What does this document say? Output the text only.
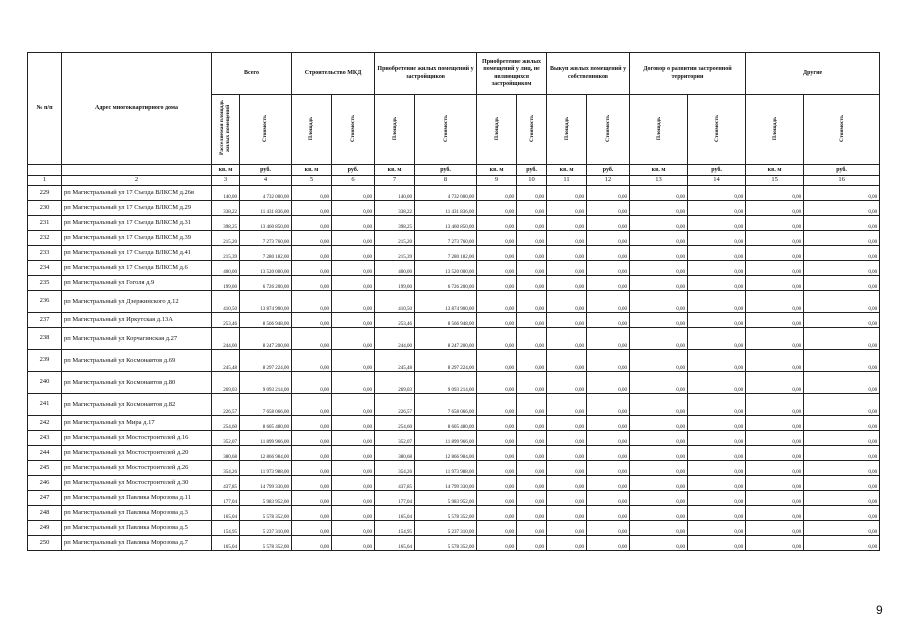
№ п/п	Адрес многоквартирного дома	Всего		Строительство МКД		Приобретение жилых помещений у застройщиков		Приобретение жилых помещений у лиц, не являющихся застройщиком		Выкуп жилых помещений у собственников		Договор о развитии застроенной территории		Другие	
		Расселяемая площадь жилых помещений	Стоимость	Площадь	Стоимость	Площадь	Стоимость	Площадь	Стоимость	Площадь	Стоимость	Площадь	Стоимость	Площадь	Стоимость
		кв. м	руб.	кв. м	руб.	кв. м	руб.	кв. м	руб.	кв. м	руб.	кв. м	руб.	кв. м	руб.
1	2	3	4	5	6	7	8	9	10	11	12	13	14	15	16
229	рп Магистральный ул 17 Съезда ВЛКСМ д.26в	140,00	4 732 000,00	0,00	0,00	140,00	4 732 000,00	0,00	0,00	0,00	0,00	0,00	0,00	0,00	0,00
230	рп Магистральный ул 17 Съезда ВЛКСМ д.29	338,22	11 431 836,00	0,00	0,00	338,22	11 431 836,00	0,00	0,00	0,00	0,00	0,00	0,00	0,00	0,00
231	рп Магистральный ул 17 Съезда ВЛКСМ д.31	398,25	13 460 850,00	0,00	0,00	398,25	13 460 850,00	0,00	0,00	0,00	0,00	0,00	0,00	0,00	0,00
232	рп Магистральный ул 17 Съезда ВЛКСМ д.39	215,20	7 273 760,00	0,00	0,00	215,20	7 273 760,00	0,00	0,00	0,00	0,00	0,00	0,00	0,00	0,00
233	рп Магистральный ул 17 Съезда ВЛКСМ д.41	215,39	7 280 182,00	0,00	0,00	215,39	7 280 182,00	0,00	0,00	0,00	0,00	0,00	0,00	0,00	0,00
234	рп Магистральный ул 17 Съезда ВЛКСМ д.6	400,00	13 520 000,00	0,00	0,00	400,00	13 520 000,00	0,00	0,00	0,00	0,00	0,00	0,00	0,00	0,00
235	рп Магистральный ул Гоголя д.9	199,00	6 726 200,00	0,00	0,00	199,00	6 726 200,00	0,00	0,00	0,00	0,00	0,00	0,00	0,00	0,00
236	рп Магистральный ул Дзержинского д.12	410,50	13 874 900,00	0,00	0,00	410,50	13 874 900,00	0,00	0,00	0,00	0,00	0,00	0,00	0,00	0,00
237	рп Магистральный ул Иркутская д.13А	253,46	8 566 948,00	0,00	0,00	253,46	8 566 948,00	0,00	0,00	0,00	0,00	0,00	0,00	0,00	0,00
238	рп Магистральный ул Корчагинская д.27	244,00	8 247 200,00	0,00	0,00	244,00	8 247 200,00	0,00	0,00	0,00	0,00	0,00	0,00	0,00	0,00
239	рп Магистральный ул Космонавтов д.69	245,48	8 297 224,00	0,00	0,00	245,48	8 297 224,00	0,00	0,00	0,00	0,00	0,00	0,00	0,00	0,00
240	рп Магистральный ул Космонавтов д.80	269,03	9 093 214,00	0,00	0,00	269,03	9 093 214,00	0,00	0,00	0,00	0,00	0,00	0,00	0,00	0,00
241	рп Магистральный ул Космонавтов д.82	226,57	7 658 066,00	0,00	0,00	226,57	7 658 066,00	0,00	0,00	0,00	0,00	0,00	0,00	0,00	0,00
242	рп Магистральный ул Мира д.17	254,60	8 605 480,00	0,00	0,00	254,60	8 605 480,00	0,00	0,00	0,00	0,00	0,00	0,00	0,00	0,00
243	рп Магистральный ул Мостостроителей д.16	352,07	11 899 966,00	0,00	0,00	352,07	11 899 966,00	0,00	0,00	0,00	0,00	0,00	0,00	0,00	0,00
244	рп Магистральный ул Мостостроителей д.20	380,68	12 866 984,00	0,00	0,00	380,68	12 866 984,00	0,00	0,00	0,00	0,00	0,00	0,00	0,00	0,00
245	рп Магистральный ул Мостостроителей д.26	354,26	11 973 988,00	0,00	0,00	354,26	11 973 988,00	0,00	0,00	0,00	0,00	0,00	0,00	0,00	0,00
246	рп Магистральный ул Мостостроителей д.30	437,85	14 799 330,00	0,00	0,00	437,85	14 799 330,00	0,00	0,00	0,00	0,00	0,00	0,00	0,00	0,00
247	рп Магистральный ул Павлика Морозова д.11	177,04	5 983 952,00	0,00	0,00	177,04	5 983 952,00	0,00	0,00	0,00	0,00	0,00	0,00	0,00	0,00
248	рп Магистральный ул Павлика Морозова д.3	165,04	5 578 352,00	0,00	0,00	165,04	5 578 352,00	0,00	0,00	0,00	0,00	0,00	0,00	0,00	0,00
249	рп Магистральный ул Павлика Морозова д.5	154,95	5 237 310,00	0,00	0,00	154,95	5 237 310,00	0,00	0,00	0,00	0,00	0,00	0,00	0,00	0,00
250	рп Магистральный ул Павлика Морозова д.7	165,04	5 578 352,00	0,00	0,00	165,04	5 578 352,00	0,00	0,00	0,00	0,00	0,00	0,00	0,00	0,00
9
